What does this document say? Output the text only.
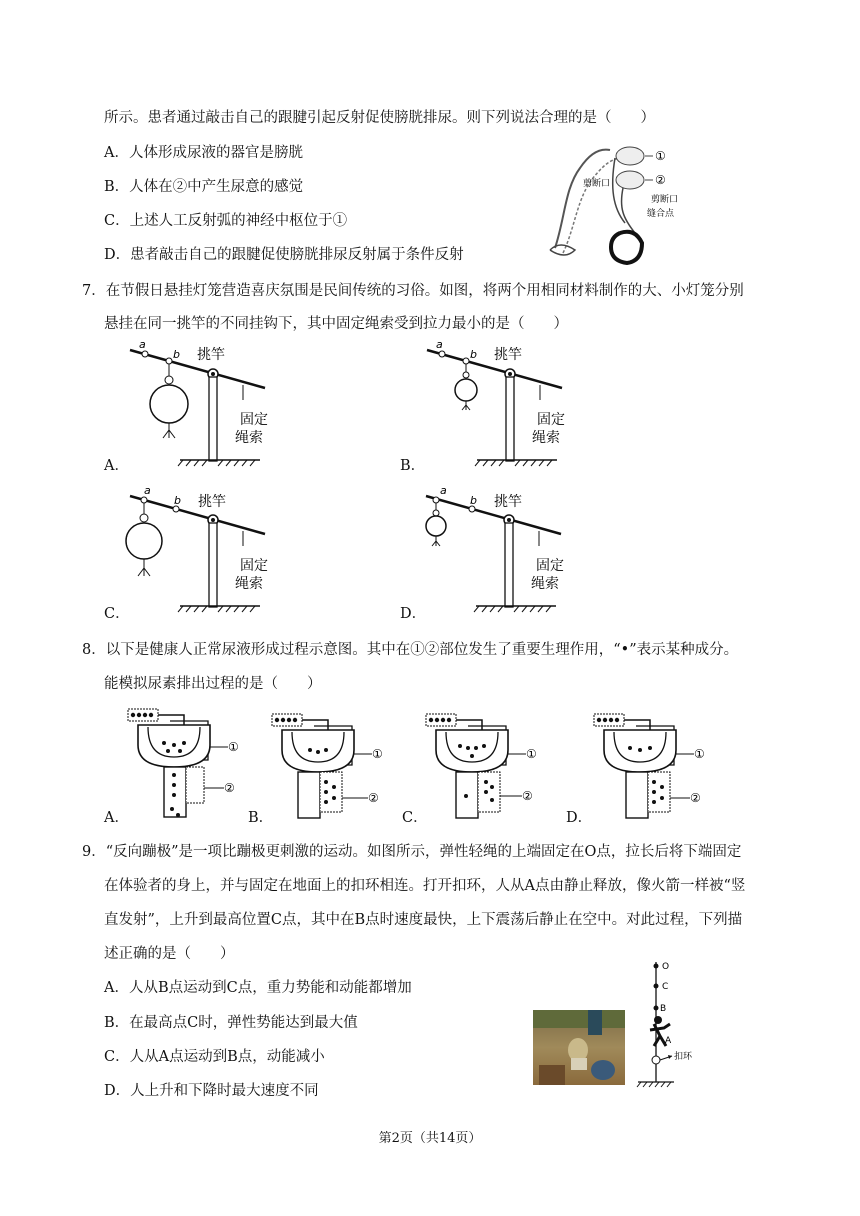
所示。患者通过敲击自己的跟腱引起反射促使膀胱排尿。则下列说法合理的是（　　）
A．人体形成尿液的器官是膀胱
B．人体在②中产生尿意的感觉
C．上述人工反射弧的神经中枢位于①
D．患者敲击自己的跟腱促使膀胱排尿反射属于条件反射
①
②
剪断口
剪断口
缝合点
7．在节假日悬挂灯笼营造喜庆氛围是民间传统的习俗。如图，将两个用相同材料制作的大、小灯笼分别
悬挂在同一挑竿的不同挂钩下，其中固定绳索受到拉力最小的是（　　）
A．	B．
C．	D．
a
b 挑竿
固定
绳索
a
b 挑竿
固定
绳索
a
b 挑竿
固定
绳索
a
b 挑竿
固定
绳索
8．以下是健康人正常尿液形成过程示意图。其中在①②部位发生了重要生理作用，“•”表示某种成分。
能模拟尿素排出过程的是（　　）
A．	B．	C．	D．
①
②
①
②
①
②
①
②
9．“反向蹦极”是一项比蹦极更刺激的运动。如图所示，弹性轻绳的上端固定在O点，拉长后将下端固定
在体验者的身上，并与固定在地面上的扣环相连。打开扣环，人从A点由静止释放，像火箭一样被“竖
直发射”，上升到最高位置C点，其中在B点时速度最快，上下震荡后静止在空中。对此过程，下列描
述正确的是（　　）
A．人从B点运动到C点，重力势能和动能都增加
B．在最高点C时，弹性势能达到最大值
C．人从A点运动到B点，动能减小
D．人上升和下降时最大速度不同
O
C
B
A
扣环
第2页（共14页）
